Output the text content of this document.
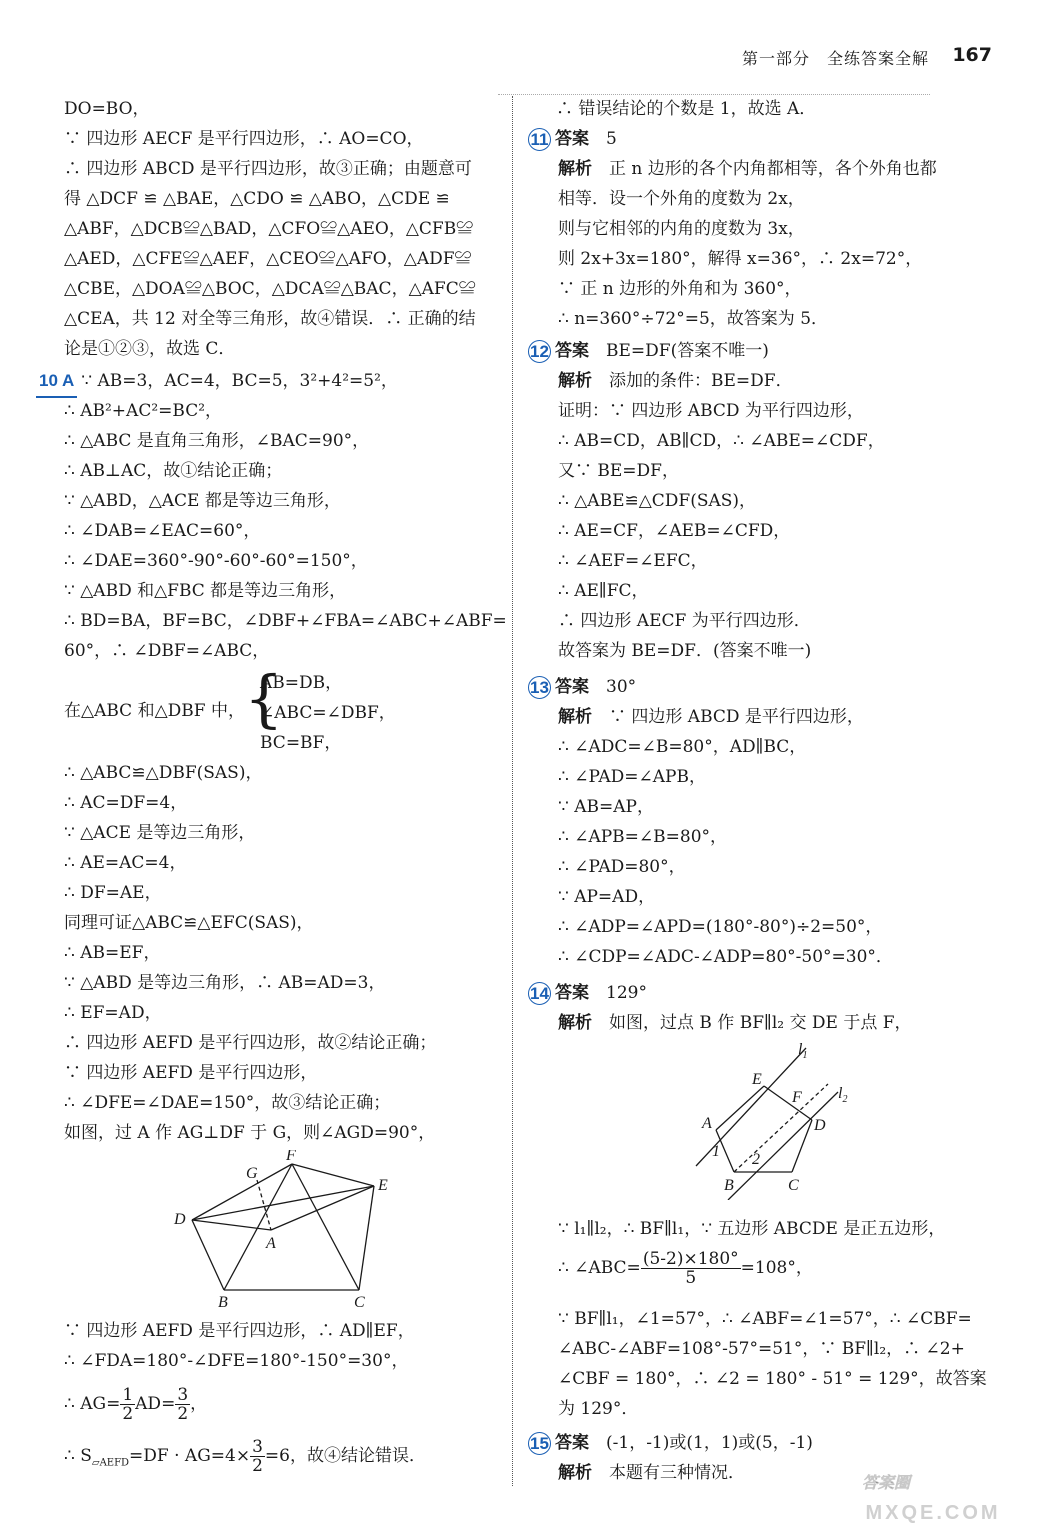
第一部分　全练答案全解 167
DO=BO，
∵ 四边形 AECF 是平行四边形，∴ AO=CO，
∴ 四边形 ABCD 是平行四边形，故③正确；由题意可
得 △DCF ≌ △BAE，△CDO ≌ △ABO，△CDE ≌
△ABF，△DCB≌△BAD，△CFO≌△AEO，△CFB≌
△AED，△CFE≌△AEF，△CEO≌△AFO，△ADF≌
△CBE，△DOA≌△BOC，△DCA≌△BAC，△AFC≌
△CEA，共 12 对全等三角形，故④错误．∴ 正确的结
论是①②③，故选 C．
10 A ∵ AB=3，AC=4，BC=5，3²+4²=5²，
∴ AB²+AC²=BC²，
∴ △ABC 是直角三角形，∠BAC=90°，
∴ AB⊥AC，故①结论正确；
∵ △ABD，△ACE 都是等边三角形，
∴ ∠DAB=∠EAC=60°，
∴ ∠DAE=360°-90°-60°-60°=150°，
∵ △ABD 和△FBC 都是等边三角形，
∴ BD=BA，BF=BC，∠DBF+∠FBA=∠ABC+∠ABF=
60°，∴ ∠DBF=∠ABC，
在△ABC 和△DBF 中， {
AB=DB，
∠ABC=∠DBF，
BC=BF，
∴ △ABC≌△DBF(SAS)，
∴ AC=DF=4，
∵ △ACE 是等边三角形，
∴ AE=AC=4，
∴ DF=AE，
同理可证△ABC≌△EFC(SAS)，
∴ AB=EF，
∵ △ABD 是等边三角形，∴ AB=AD=3，
∴ EF=AD，
∴ 四边形 AEFD 是平行四边形，故②结论正确；
∵ 四边形 AEFD 是平行四边形，
∴ ∠DFE=∠DAE=150°，故③结论正确；
如图，过 A 作 AG⊥DF 于 G，则∠AGD=90°，
F
G
E
D
A
B	C
∵ 四边形 AEFD 是平行四边形，∴ AD∥EF，
∴ ∠FDA=180°-∠DFE=180°-150°=30°，
∴ $AG= \frac{1}{2} AD= \frac{3}{2}$ ，
∴ $S_{▱AEFD}=DF \cdot AG=4\times \frac{3}{2} =6$，故④结论错误．
∴ 错误结论的个数是 1，故选 A．
11 答案　 5
解析　 正 n 边形的各个内角都相等，各个外角也都
相等．设一个外角的度数为 2x，
则与它相邻的内角的度数为 3x，
则 2x+3x=180°，解得 x=36°，∴ 2x=72°，
∵ 正 n 边形的外角和为 360°，
∴ n=360°÷72°=5，故答案为 5．
12 答案　 BE=DF(答案不唯一)
解析　 添加的条件：BE=DF．
证明：∵ 四边形 ABCD 为平行四边形，
∴ AB=CD，AB∥CD，∴ ∠ABE=∠CDF，
又∵ BE=DF，
∴ △ABE≌△CDF(SAS)，
∴ AE=CF，∠AEB=∠CFD，
∴ ∠AEF=∠EFC，
∴ AE∥FC，
∴ 四边形 AECF 为平行四边形．
故答案为 BE=DF．(答案不唯一)
13 答案　 30°
解析　 ∵ 四边形 ABCD 是平行四边形，
∴ ∠ADC=∠B=80°，AD∥BC，
∴ ∠PAD=∠APB，
∵ AB=AP，
∴ ∠APB=∠B=80°，
∴ ∠PAD=80°，
∵ AP=AD，
∴ ∠ADP=∠APD=(180°-80°)÷2=50°，
∴ ∠CDP=∠ADC-∠ADP=80°-50°=30°．
14 答案　 129°
解析　 如图，过点 B 作 BF∥l₂ 交 DE 于点 F，
$l_1$
$l_2$
E
F
A	D
1 2
B	C
∵ l₁∥l₂，∴ BF∥l₁，∵ 五边形 ABCDE 是正五边形，
∴ ∠ABC= $\frac{(5-2)\times 180^\circ}{5} =108^\circ$，
∵ BF∥l₁，∠1=57°，∴ ∠ABF=∠1=57°，∴ ∠CBF=
∠ABC-∠ABF=108°-57°=51°，∵ BF∥l₂，∴ ∠2+
∠CBF = 180°，∴ ∠2 = 180° - 51° = 129°，故答案
为 129°．
15 答案　 (-1，-1)或(1，1)或(5，-1)
解析　 本题有三种情况．
答案圈
MXQE.COM
